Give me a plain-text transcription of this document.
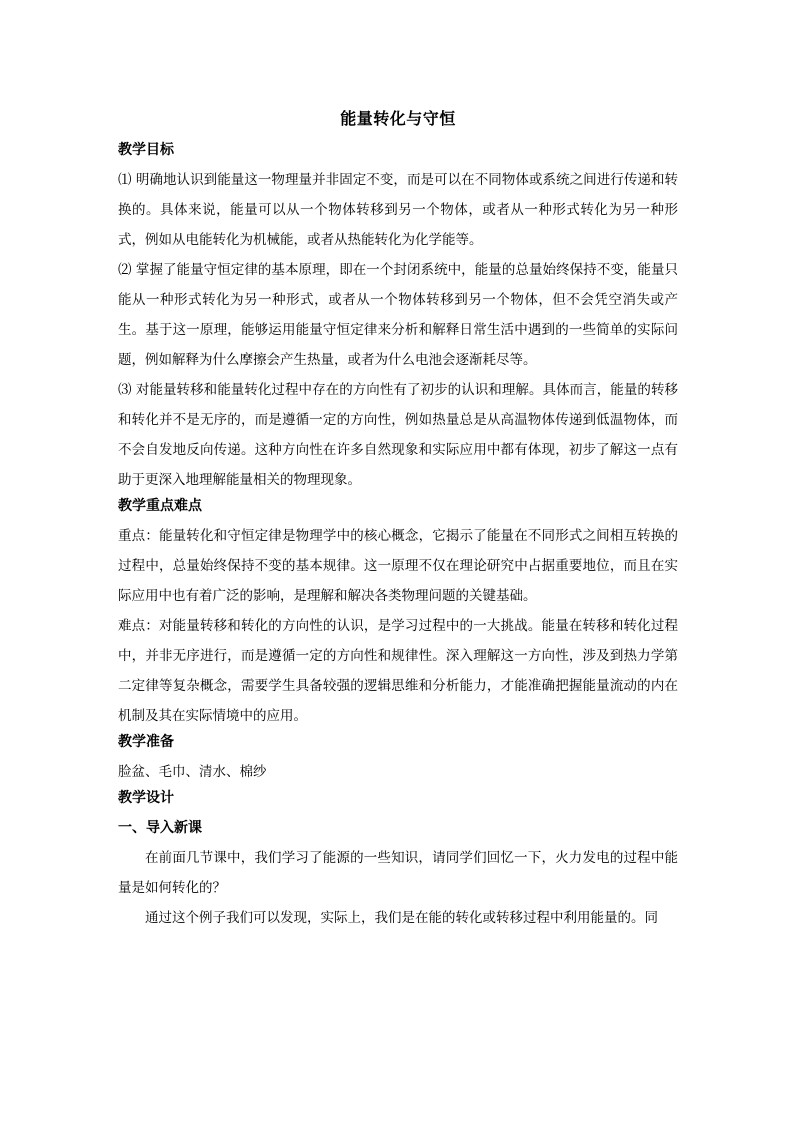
能量转化与守恒
教学目标
⑴ 明确地认识到能量这一物理量并非固定不变，而是可以在不同物体或系统之间进行传递和转换的。具体来说，能量可以从一个物体转移到另一个物体，或者从一种形式转化为另一种形式，例如从电能转化为机械能，或者从热能转化为化学能等。
⑵ 掌握了能量守恒定律的基本原理，即在一个封闭系统中，能量的总量始终保持不变，能量只能从一种形式转化为另一种形式，或者从一个物体转移到另一个物体，但不会凭空消失或产生。基于这一原理，能够运用能量守恒定律来分析和解释日常生活中遇到的一些简单的实际问题，例如解释为什么摩擦会产生热量，或者为什么电池会逐渐耗尽等。
⑶ 对能量转移和能量转化过程中存在的方向性有了初步的认识和理解。具体而言，能量的转移和转化并不是无序的，而是遵循一定的方向性，例如热量总是从高温物体传递到低温物体，而不会自发地反向传递。这种方向性在许多自然现象和实际应用中都有体现，初步了解这一点有助于更深入地理解能量相关的物理现象。
教学重点难点
重点：能量转化和守恒定律是物理学中的核心概念，它揭示了能量在不同形式之间相互转换的过程中，总量始终保持不变的基本规律。这一原理不仅在理论研究中占据重要地位，而且在实际应用中也有着广泛的影响，是理解和解决各类物理问题的关键基础。
难点：对能量转移和转化的方向性的认识，是学习过程中的一大挑战。能量在转移和转化过程中，并非无序进行，而是遵循一定的方向性和规律性。深入理解这一方向性，涉及到热力学第二定律等复杂概念，需要学生具备较强的逻辑思维和分析能力，才能准确把握能量流动的内在机制及其在实际情境中的应用。
教学准备
脸盆、毛巾、清水、棉纱
教学设计
一、导入新课
在前面几节课中，我们学习了能源的一些知识，请同学们回忆一下，火力发电的过程中能量是如何转化的？
通过这个例子我们可以发现，实际上，我们是在能的转化或转移过程中利用能量的。同
